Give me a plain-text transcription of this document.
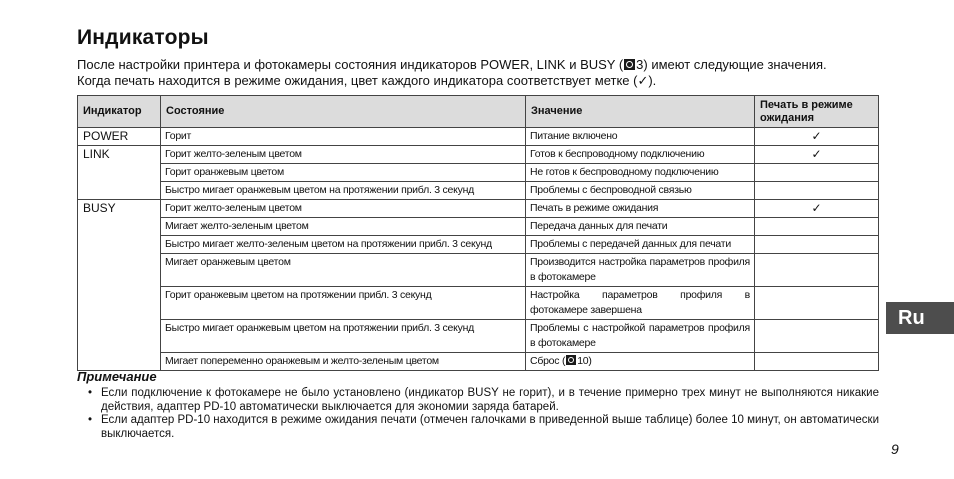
Индикаторы
После настройки принтера и фотокамеры состояния индикаторов POWER, LINK и BUSY ( 3) имеют следующие значения.
Когда печать находится в режиме ожидания, цвет каждого индикатора соответствует метке (✓).
Индикатор	Состояние	Значение	Печать в режиме ожидания
POWER	Горит	Питание включено	✓
LINK	Горит желто-зеленым цветом	Готов к беспроводному подключению	✓
	Горит оранжевым цветом	Не готов к беспроводному подключению	
	Быстро мигает оранжевым цветом на протяжении прибл. 3 секунд	Проблемы с беспроводной связью	
BUSY	Горит желто-зеленым цветом	Печать в режиме ожидания	✓
	Мигает желто-зеленым цветом	Передача данных для печати	
	Быстро мигает желто-зеленым цветом на протяжении прибл. 3 секунд	Проблемы с передачей данных для печати	
	Мигает оранжевым цветом	Производится настройка параметров профиля в фотокамере	
	Горит оранжевым цветом на протяжении прибл. 3 секунд	Настройка параметров профиля в фотокамере завершена	
	Быстро мигает оранжевым цветом на протяжении прибл. 3 секунд	Проблемы с настройкой параметров профиля в фотокамере	
	Мигает попеременно оранжевым и желто-зеленым цветом	Сброс ( 10)	
Примечание
• Если подключение к фотокамере не было установлено (индикатор BUSY не горит), и в течение примерно трех минут не выполняются никакие действия, адаптер PD-10 автоматически выключается для экономии заряда батарей.
• Если адаптер PD-10 находится в режиме ожидания печати (отмечен галочками в приведенной выше таблице) более 10 минут, он автоматически выключается.
Ru
9
